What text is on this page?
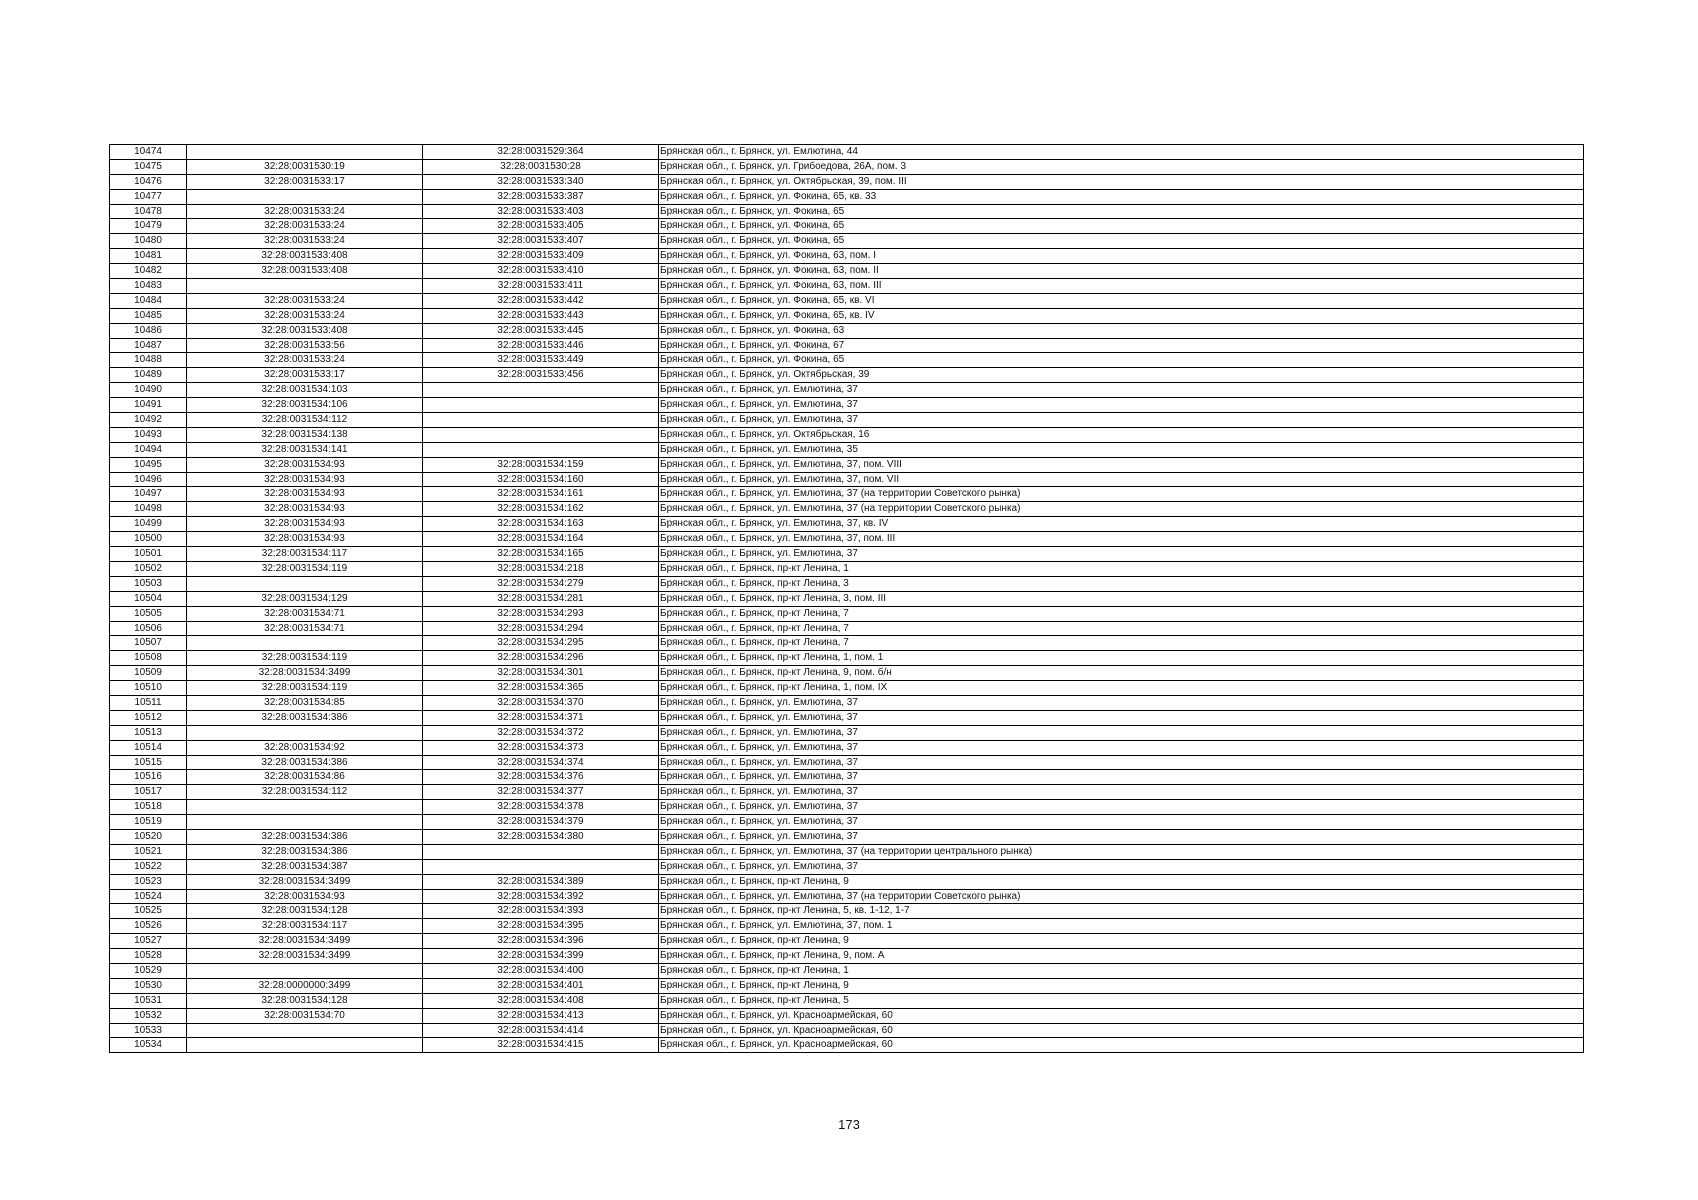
10474		32:28:0031529:364	Брянская обл., г. Брянск, ул. Емлютина, 44
10475	32:28:0031530:19	32:28:0031530:28	Брянская обл., г. Брянск, ул. Грибоедова, 26А, пом. 3
10476	32:28:0031533:17	32:28:0031533:340	Брянская обл., г. Брянск, ул. Октябрьская, 39, пом. III
10477		32:28:0031533:387	Брянская обл., г. Брянск, ул. Фокина, 65, кв. 33
10478	32:28:0031533:24	32:28:0031533:403	Брянская обл., г. Брянск, ул. Фокина, 65
10479	32:28:0031533:24	32:28:0031533:405	Брянская обл., г. Брянск, ул. Фокина, 65
10480	32:28:0031533:24	32:28:0031533:407	Брянская обл., г. Брянск, ул. Фокина, 65
10481	32:28:0031533:408	32:28:0031533:409	Брянская обл., г. Брянск, ул. Фокина, 63, пом. I
10482	32:28:0031533:408	32:28:0031533:410	Брянская обл., г. Брянск, ул. Фокина, 63, пом. II
10483		32:28:0031533:411	Брянская обл., г. Брянск, ул. Фокина, 63, пом. III
10484	32:28:0031533:24	32:28:0031533:442	Брянская обл., г. Брянск, ул. Фокина, 65, кв. VI
10485	32:28:0031533:24	32:28:0031533:443	Брянская обл., г. Брянск, ул. Фокина, 65, кв. IV
10486	32:28:0031533:408	32:28:0031533:445	Брянская обл., г. Брянск, ул. Фокина, 63
10487	32:28:0031533:56	32:28:0031533:446	Брянская обл., г. Брянск, ул. Фокина, 67
10488	32:28:0031533:24	32:28:0031533:449	Брянская обл., г. Брянск, ул. Фокина, 65
10489	32:28:0031533:17	32:28:0031533:456	Брянская обл., г. Брянск, ул. Октябрьская, 39
10490	32:28:0031534:103		Брянская обл., г. Брянск, ул. Емлютина, 37
10491	32:28:0031534:106		Брянская обл., г. Брянск, ул. Емлютина, 37
10492	32:28:0031534:112		Брянская обл., г. Брянск, ул. Емлютина, 37
10493	32:28:0031534:138		Брянская обл., г. Брянск, ул. Октябрьская, 16
10494	32:28:0031534:141		Брянская обл., г. Брянск, ул. Емлютина, 35
10495	32:28:0031534:93	32:28:0031534:159	Брянская обл., г. Брянск, ул. Емлютина, 37, пом. VIII
10496	32:28:0031534:93	32:28:0031534:160	Брянская обл., г. Брянск, ул. Емлютина, 37, пом. VII
10497	32:28:0031534:93	32:28:0031534:161	Брянская обл., г. Брянск, ул. Емлютина, 37 (на территории Советского рынка)
10498	32:28:0031534:93	32:28:0031534:162	Брянская обл., г. Брянск, ул. Емлютина, 37 (на территории Советского рынка)
10499	32:28:0031534:93	32:28:0031534:163	Брянская обл., г. Брянск, ул. Емлютина, 37, кв. IV
10500	32:28:0031534:93	32:28:0031534:164	Брянская обл., г. Брянск, ул. Емлютина, 37, пом. III
10501	32:28:0031534:117	32:28:0031534:165	Брянская обл., г. Брянск, ул. Емлютина, 37
10502	32:28:0031534:119	32:28:0031534:218	Брянская обл., г. Брянск, пр-кт Ленина, 1
10503		32:28:0031534:279	Брянская обл., г. Брянск, пр-кт Ленина, 3
10504	32:28:0031534:129	32:28:0031534:281	Брянская обл., г. Брянск, пр-кт Ленина, 3, пом. III
10505	32:28:0031534:71	32:28:0031534:293	Брянская обл., г. Брянск, пр-кт Ленина, 7
10506	32:28:0031534:71	32:28:0031534:294	Брянская обл., г. Брянск, пр-кт Ленина, 7
10507		32:28:0031534:295	Брянская обл., г. Брянск, пр-кт Ленина, 7
10508	32:28:0031534:119	32:28:0031534:296	Брянская обл., г. Брянск, пр-кт Ленина, 1, пом. 1
10509	32:28:0031534:3499	32:28:0031534:301	Брянская обл., г. Брянск, пр-кт Ленина, 9, пом. б/н
10510	32:28:0031534:119	32:28:0031534:365	Брянская обл., г. Брянск, пр-кт Ленина, 1, пом. IX
10511	32:28:0031534:85	32:28:0031534:370	Брянская обл., г. Брянск, ул. Емлютина, 37
10512	32:28:0031534:386	32:28:0031534:371	Брянская обл., г. Брянск, ул. Емлютина, 37
10513		32:28:0031534:372	Брянская обл., г. Брянск, ул. Емлютина, 37
10514	32:28:0031534:92	32:28:0031534:373	Брянская обл., г. Брянск, ул. Емлютина, 37
10515	32:28:0031534:386	32:28:0031534:374	Брянская обл., г. Брянск, ул. Емлютина, 37
10516	32:28:0031534:86	32:28:0031534:376	Брянская обл., г. Брянск, ул. Емлютина, 37
10517	32:28:0031534:112	32:28:0031534:377	Брянская обл., г. Брянск, ул. Емлютина, 37
10518		32:28:0031534:378	Брянская обл., г. Брянск, ул. Емлютина, 37
10519		32:28:0031534:379	Брянская обл., г. Брянск, ул. Емлютина, 37
10520	32:28:0031534:386	32:28:0031534:380	Брянская обл., г. Брянск, ул. Емлютина, 37
10521	32:28:0031534:386		Брянская обл., г. Брянск, ул. Емлютина, 37 (на территории центрального рынка)
10522	32:28:0031534:387		Брянская обл., г. Брянск, ул. Емлютина, 37
10523	32:28:0031534:3499	32:28:0031534:389	Брянская обл., г. Брянск, пр-кт Ленина, 9
10524	32:28:0031534:93	32:28:0031534:392	Брянская обл., г. Брянск, ул. Емлютина, 37 (на территории Советского рынка)
10525	32:28:0031534:128	32:28:0031534:393	Брянская обл., г. Брянск, пр-кт Ленина, 5, кв. 1-12, 1-7
10526	32:28:0031534:117	32:28:0031534:395	Брянская обл., г. Брянск, ул. Емлютина, 37, пом. 1
10527	32:28:0031534:3499	32:28:0031534:396	Брянская обл., г. Брянск, пр-кт Ленина, 9
10528	32:28:0031534:3499	32:28:0031534:399	Брянская обл., г. Брянск, пр-кт Ленина, 9, пом. А
10529		32:28:0031534:400	Брянская обл., г. Брянск, пр-кт Ленина, 1
10530	32:28:0000000:3499	32:28:0031534:401	Брянская обл., г. Брянск, пр-кт Ленина, 9
10531	32:28:0031534:128	32:28:0031534:408	Брянская обл., г. Брянск, пр-кт Ленина, 5
10532	32:28:0031534:70	32:28:0031534:413	Брянская обл., г. Брянск, ул. Красноармейская, 60
10533		32:28:0031534:414	Брянская обл., г. Брянск, ул. Красноармейская, 60
10534		32:28:0031534:415	Брянская обл., г. Брянск, ул. Красноармейская, 60
173
